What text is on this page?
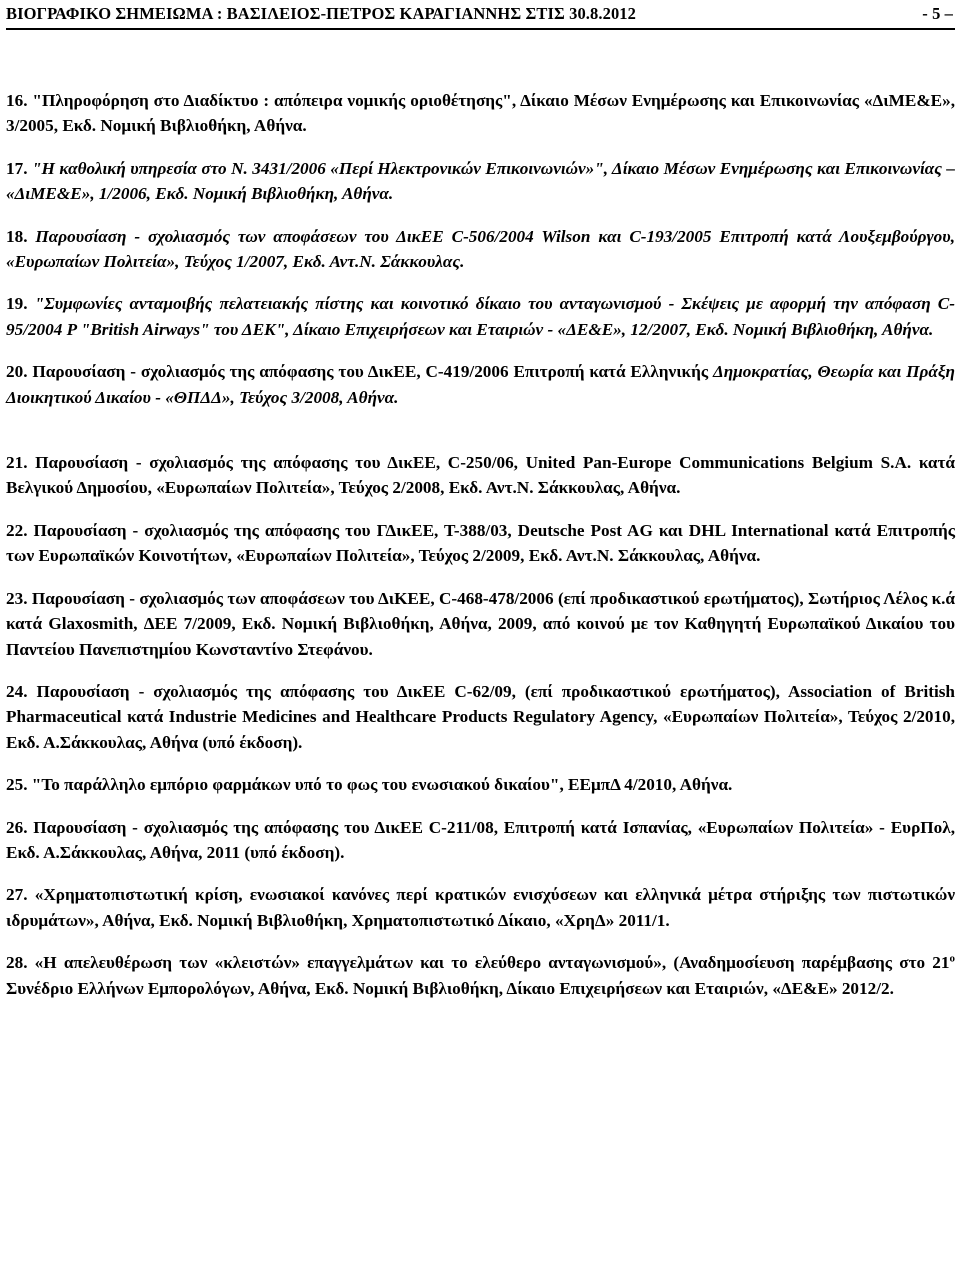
ΒΙΟΓΡΑΦΙΚΟ ΣΗΜΕΙΩΜΑ : ΒΑΣΙΛΕΙΟΣ-ΠΕΤΡΟΣ ΚΑΡΑΓΙΑΝΝΗΣ ΣΤΙΣ 30.8.2012	- 5 –

16. "Πληροφόρηση στο Διαδίκτυο : απόπειρα νομικής οριοθέτησης", Δίκαιο Μέσων Ενημέρωσης και Επικοινωνίας «ΔιΜΕ&Ε», 3/2005, Εκδ. Νομική Βιβλιοθήκη, Αθήνα.

17. "Η καθολική υπηρεσία στο Ν. 3431/2006 «Περί Ηλεκτρονικών Επικοινωνιών»", Δίκαιο Μέσων Ενημέρωσης και Επικοινωνίας – «ΔιΜΕ&Ε», 1/2006, Εκδ. Νομική Βιβλιοθήκη, Αθήνα.

18. Παρουσίαση - σχολιασμός των αποφάσεων του ΔικΕΕ C-506/2004 Wilson και C-193/2005 Επιτροπή κατά Λουξεμβούργου, «Ευρωπαίων Πολιτεία», Τεύχος 1/2007, Εκδ. Αντ.Ν. Σάκκουλας.

19. "Συμφωνίες ανταμοιβής πελατειακής πίστης και κοινοτικό δίκαιο του ανταγωνισμού - Σκέψεις με αφορμή την απόφαση C-95/2004 P "British Airways" του ΔΕΚ", Δίκαιο Επιχειρήσεων και Εταιριών - «ΔΕ&Ε», 12/2007, Εκδ. Νομική Βιβλιοθήκη, Αθήνα.

20. Παρουσίαση - σχολιασμός της απόφασης του ΔικΕΕ, C-419/2006 Επιτροπή κατά Ελληνικής Δημοκρατίας, Θεωρία και Πράξη Διοικητικού Δικαίου - «ΘΠΔΔ», Τεύχος 3/2008, Αθήνα.

21. Παρουσίαση - σχολιασμός της απόφασης του ΔικΕΕ, C-250/06, United Pan-Europe Communications Belgium S.A. κατά Βελγικού Δημοσίου, «Ευρωπαίων Πολιτεία», Τεύχος 2/2008, Εκδ. Αντ.Ν. Σάκκουλας, Αθήνα.

22. Παρουσίαση - σχολιασμός της απόφασης του ΓΔικΕΕ, Τ-388/03, Deutsche Post AG και DHL International κατά Επιτροπής των Ευρωπαϊκών Κοινοτήτων, «Ευρωπαίων Πολιτεία», Τεύχος 2/2009, Εκδ. Αντ.Ν. Σάκκουλας, Αθήνα.

23. Παρουσίαση - σχολιασμός των αποφάσεων του ΔιΚΕΕ, C-468-478/2006 (επί προδικαστικού ερωτήματος), Σωτήριος Λέλος κ.ά κατά Glaxosmith, ΔΕΕ 7/2009, Εκδ. Νομική Βιβλιοθήκη, Αθήνα, 2009, από κοινού με τον Καθηγητή Ευρωπαϊκού Δικαίου του Παντείου Πανεπιστημίου Κωνσταντίνο Στεφάνου.

24. Παρουσίαση - σχολιασμός της απόφασης του ΔικΕΕ C-62/09, (επί προδικαστικού ερωτήματος), Association of British Pharmaceutical κατά Industrie Medicines and Healthcare Products Regulatory Agency, «Ευρωπαίων Πολιτεία», Τεύχος 2/2010, Εκδ. Α.Σάκκουλας, Αθήνα (υπό έκδοση).

25. "Το παράλληλο εμπόριο φαρμάκων υπό το φως του ενωσιακού δικαίου", ΕΕμπΔ 4/2010, Αθήνα.

26. Παρουσίαση - σχολιασμός της απόφασης του ΔικΕΕ C-211/08, Επιτροπή κατά Ισπανίας, «Ευρωπαίων Πολιτεία» - ΕυρΠολ, Εκδ. Α.Σάκκουλας, Αθήνα, 2011 (υπό έκδοση).

27. «Χρηματοπιστωτική κρίση, ενωσιακοί κανόνες περί κρατικών ενισχύσεων και ελληνικά μέτρα στήριξης των πιστωτικών ιδρυμάτων», Αθήνα, Εκδ. Νομική Βιβλιοθήκη, Χρηματοπιστωτικό Δίκαιο, «ΧρηΔ» 2011/1.

28. «Η απελευθέρωση των «κλειστών» επαγγελμάτων και το ελεύθερο ανταγωνισμού», (Αναδημοσίευση παρέμβασης στο $21^o$ Συνέδριο Ελλήνων Εμπορολόγων, Αθήνα, Εκδ. Νομική Βιβλιοθήκη, Δίκαιο Επιχειρήσεων και Εταιριών, «ΔΕ&Ε» 2012/2.
